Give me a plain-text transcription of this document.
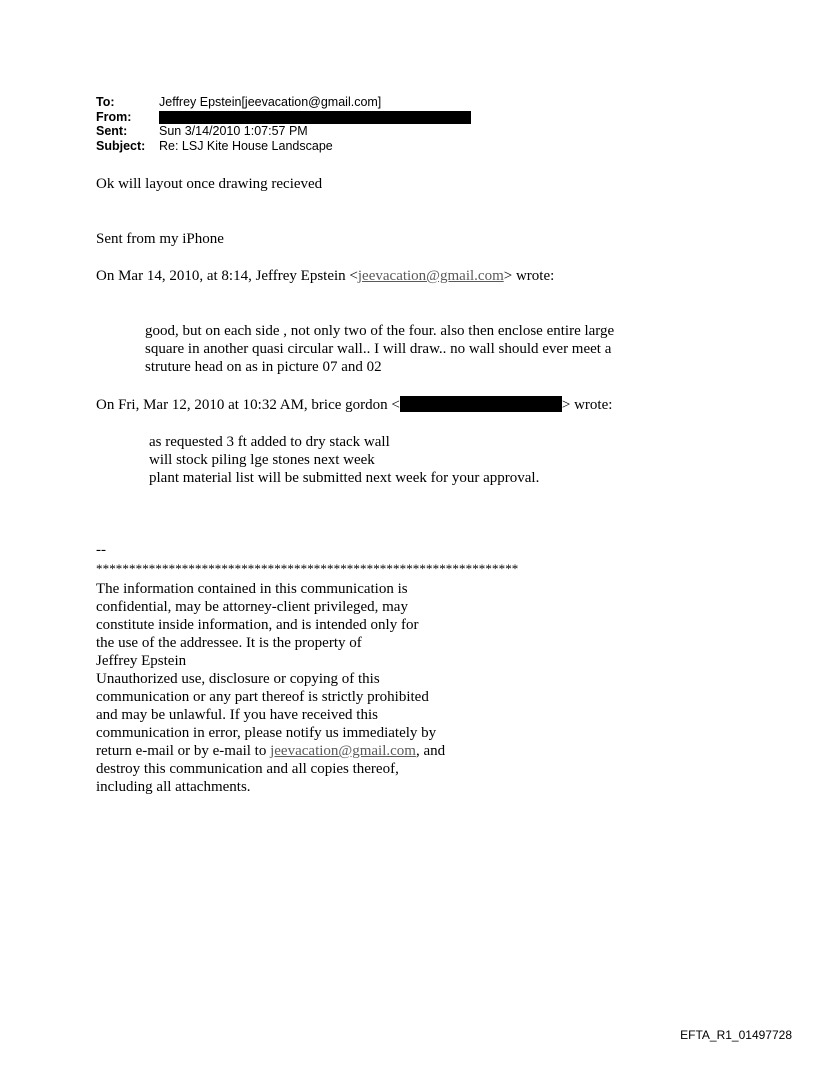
To:	Jeffrey Epstein[jeevacation@gmail.com]
From:
Sent:	Sun 3/14/2010 1:07:57 PM
Subject:	Re: LSJ Kite House Landscape
Ok will layout once drawing recieved
Sent from my iPhone
On Mar 14, 2010, at 8:14, Jeffrey Epstein <jeevacation@gmail.com> wrote:
good, but on each side , not only two of the four. also then enclose entire large
square in another quasi circular wall.. I will draw.. no wall should ever meet a
struture head on as in picture 07 and 02
On Fri, Mar 12, 2010 at 10:32 AM, brice gordon <	> wrote:
as requested 3 ft added to dry stack wall
will stock piling lge stones next week
plant material list will be submitted next week for your approval.
--
****************************************************************
The information contained in this communication is
confidential, may be attorney-client privileged, may
constitute inside information, and is intended only for
the use of the addressee. It is the property of
Jeffrey Epstein
Unauthorized use, disclosure or copying of this
communication or any part thereof is strictly prohibited
and may be unlawful. If you have received this
communication in error, please notify us immediately by
return e-mail or by e-mail to jeevacation@gmail.com, and
destroy this communication and all copies thereof,
including all attachments.
EFTA_R1_01497728
